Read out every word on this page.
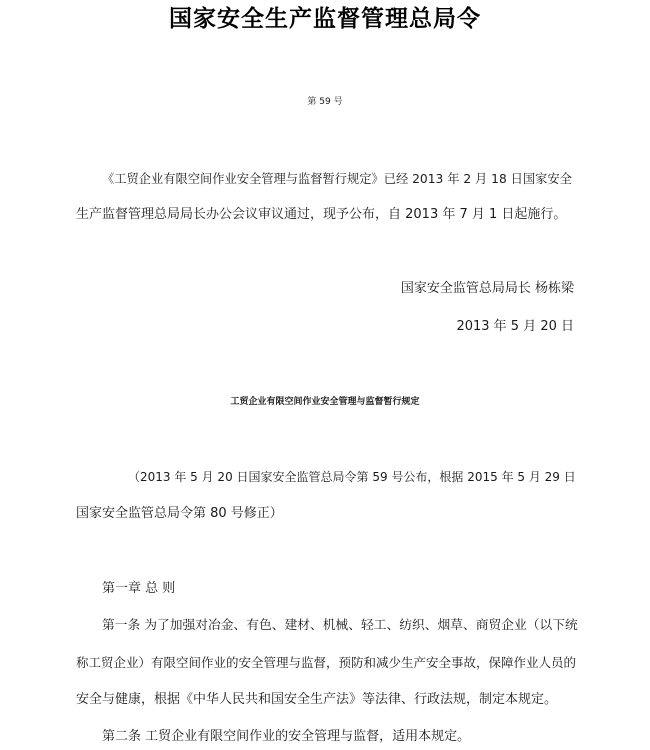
国家安全生产监督管理总局令
第 59 号
《工贸企业有限空间作业安全管理与监督暂行规定》已经 2013 年 2 月 18 日国家安全
生产监督管理总局局长办公会议审议通过，现予公布，自 2013 年 7 月 1 日起施行。
国家安全监管总局局长 杨栋梁
2013 年 5 月 20 日
工贸企业有限空间作业安全管理与监督暂行规定
（2013 年 5 月 20 日国家安全监管总局令第 59 号公布，根据 2015 年 5 月 29 日
国家安全监管总局令第 80 号修正）
第一章 总 则
第一条 为了加强对冶金、有色、建材、机械、轻工、纺织、烟草、商贸企业（以下统
称工贸企业）有限空间作业的安全管理与监督，预防和减少生产安全事故，保障作业人员的
安全与健康，根据《中华人民共和国安全生产法》等法律、行政法规，制定本规定。
第二条 工贸企业有限空间作业的安全管理与监督，适用本规定。
